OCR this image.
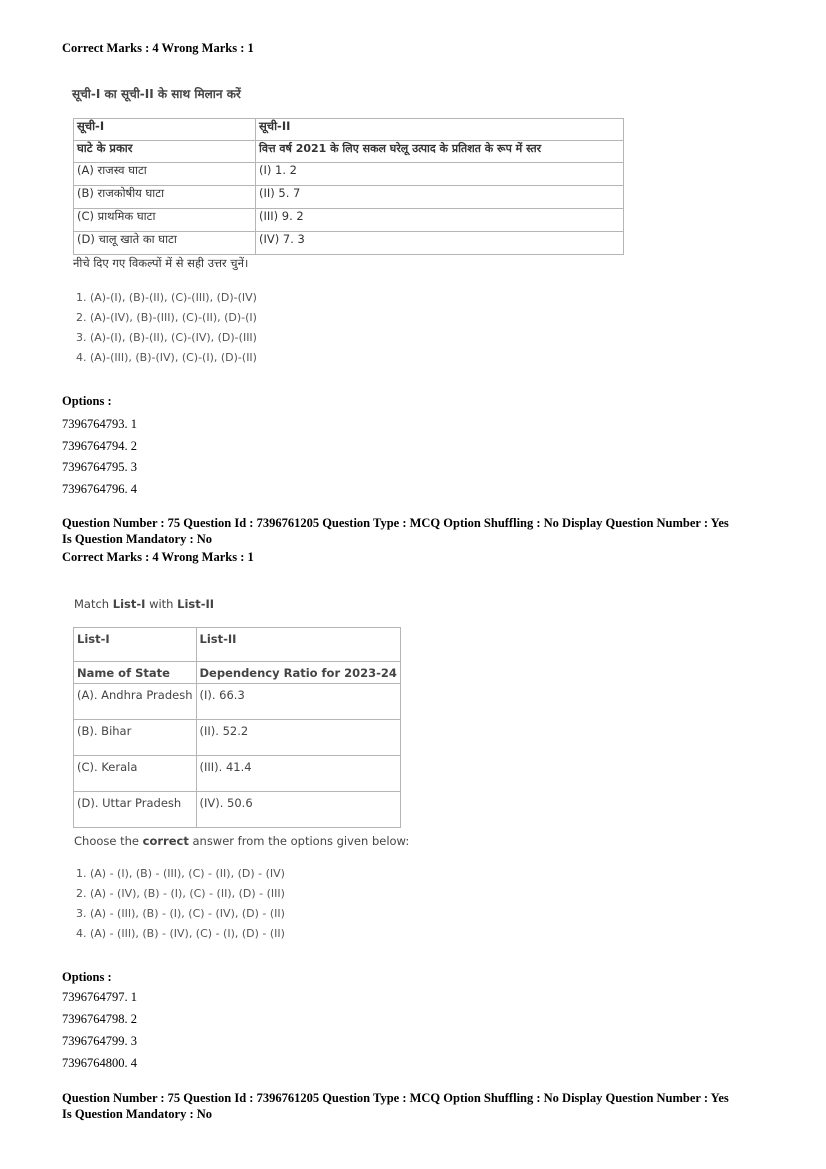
Correct Marks : 4 Wrong Marks : 1
सूची-I का सूची-II के साथ मिलान करें
सूची-I	सूची-II
घाटे के प्रकार	वित्त वर्ष 2021 के लिए सकल घरेलू उत्पाद के प्रतिशत के रूप में स्तर
(A) राजस्व घाटा	(I) 1. 2
(B) राजकोषीय घाटा	(II) 5. 7
(C) प्राथमिक घाटा	(III) 9. 2
(D) चालू खाते का घाटा	(IV) 7. 3
नीचे दिए गए विकल्पों में से सही उत्तर चुनें।
1. (A)-(I), (B)-(II), (C)-(III), (D)-(IV)
2. (A)-(IV), (B)-(III), (C)-(II), (D)-(I)
3. (A)-(I), (B)-(II), (C)-(IV), (D)-(III)
4. (A)-(III), (B)-(IV), (C)-(I), (D)-(II)
Options :
7396764793. 1
7396764794. 2
7396764795. 3
7396764796. 4
Question Number : 75 Question Id : 7396761205 Question Type : MCQ Option Shuffling : No Display Question Number : Yes
Is Question Mandatory : No
Correct Marks : 4 Wrong Marks : 1
Match List-I with List-II
List-I	List-II
Name of State	Dependency Ratio for 2023-24
(A). Andhra Pradesh	(I). 66.3
(B). Bihar	(II). 52.2
(C). Kerala	(III). 41.4
(D). Uttar Pradesh	(IV). 50.6
Choose the correct answer from the options given below:
1. (A) - (I), (B) - (III), (C) - (II), (D) - (IV)
2. (A) - (IV), (B) - (I), (C) - (II), (D) - (III)
3. (A) - (III), (B) - (I), (C) - (IV), (D) - (II)
4. (A) - (III), (B) - (IV), (C) - (I), (D) - (II)
Options :
7396764797. 1
7396764798. 2
7396764799. 3
7396764800. 4
Question Number : 75 Question Id : 7396761205 Question Type : MCQ Option Shuffling : No Display Question Number : Yes
Is Question Mandatory : No
